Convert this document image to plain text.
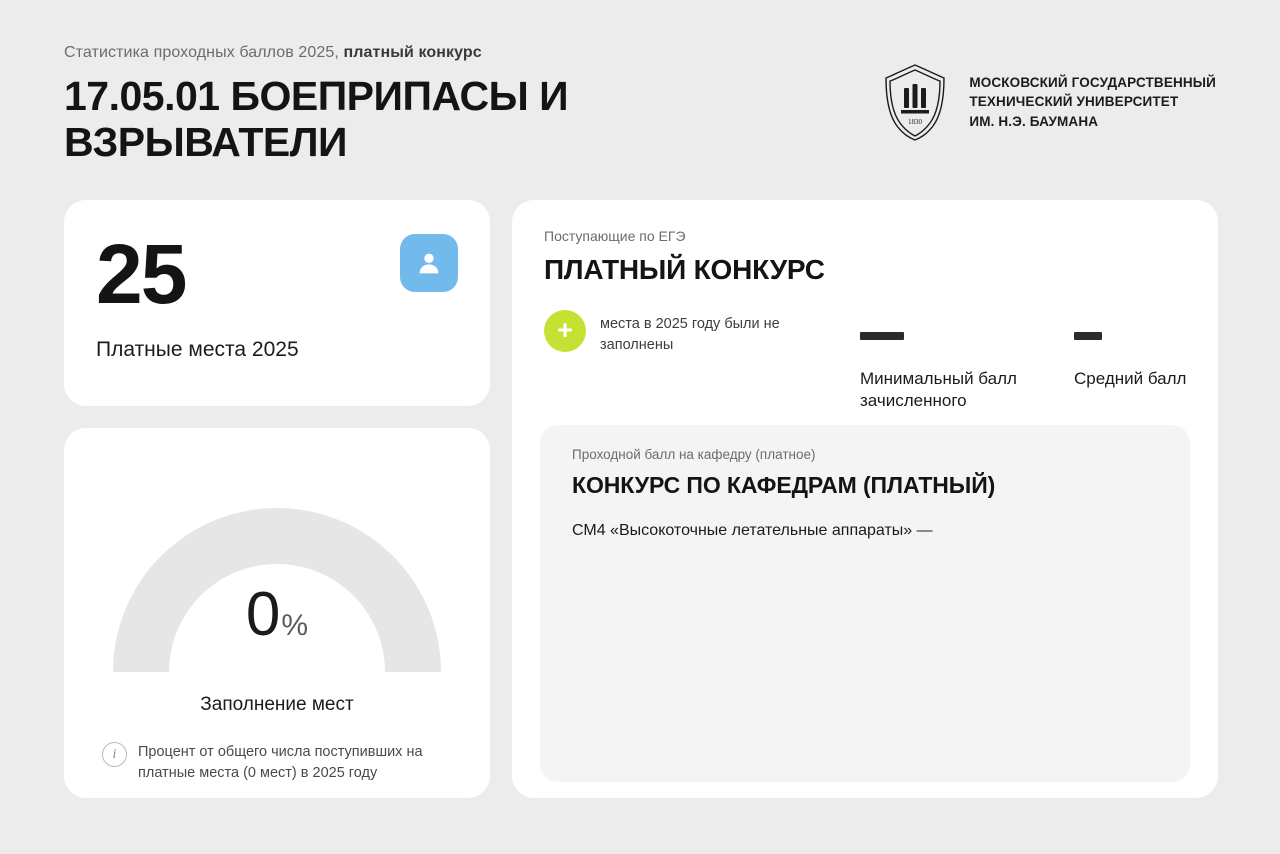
Статистика проходных баллов 2025, платный конкурс
17.05.01 БОЕПРИПАСЫ И ВЗРЫВАТЕЛИ	1830
МОСКОВСКИЙ ГОСУДАРСТВЕННЫЙ
ТЕХНИЧЕСКИЙ УНИВЕРСИТЕТ
ИМ. Н.Э. БАУМАНА
25
Платные места 2025
0%
Заполнение мест
i	Процент от общего числа поступивших на платные места (0 мест) в 2025 году
Поступающие по ЕГЭ
ПЛАТНЫЙ КОНКУРС
+ места в 2025 году были не заполнены
Минимальный балл зачисленного
Средний балл
Проходной балл на кафедру (платное)
КОНКУРС ПО КАФЕДРАМ (ПЛАТНЫЙ)
СМ4 «Высокоточные летательные аппараты» —
